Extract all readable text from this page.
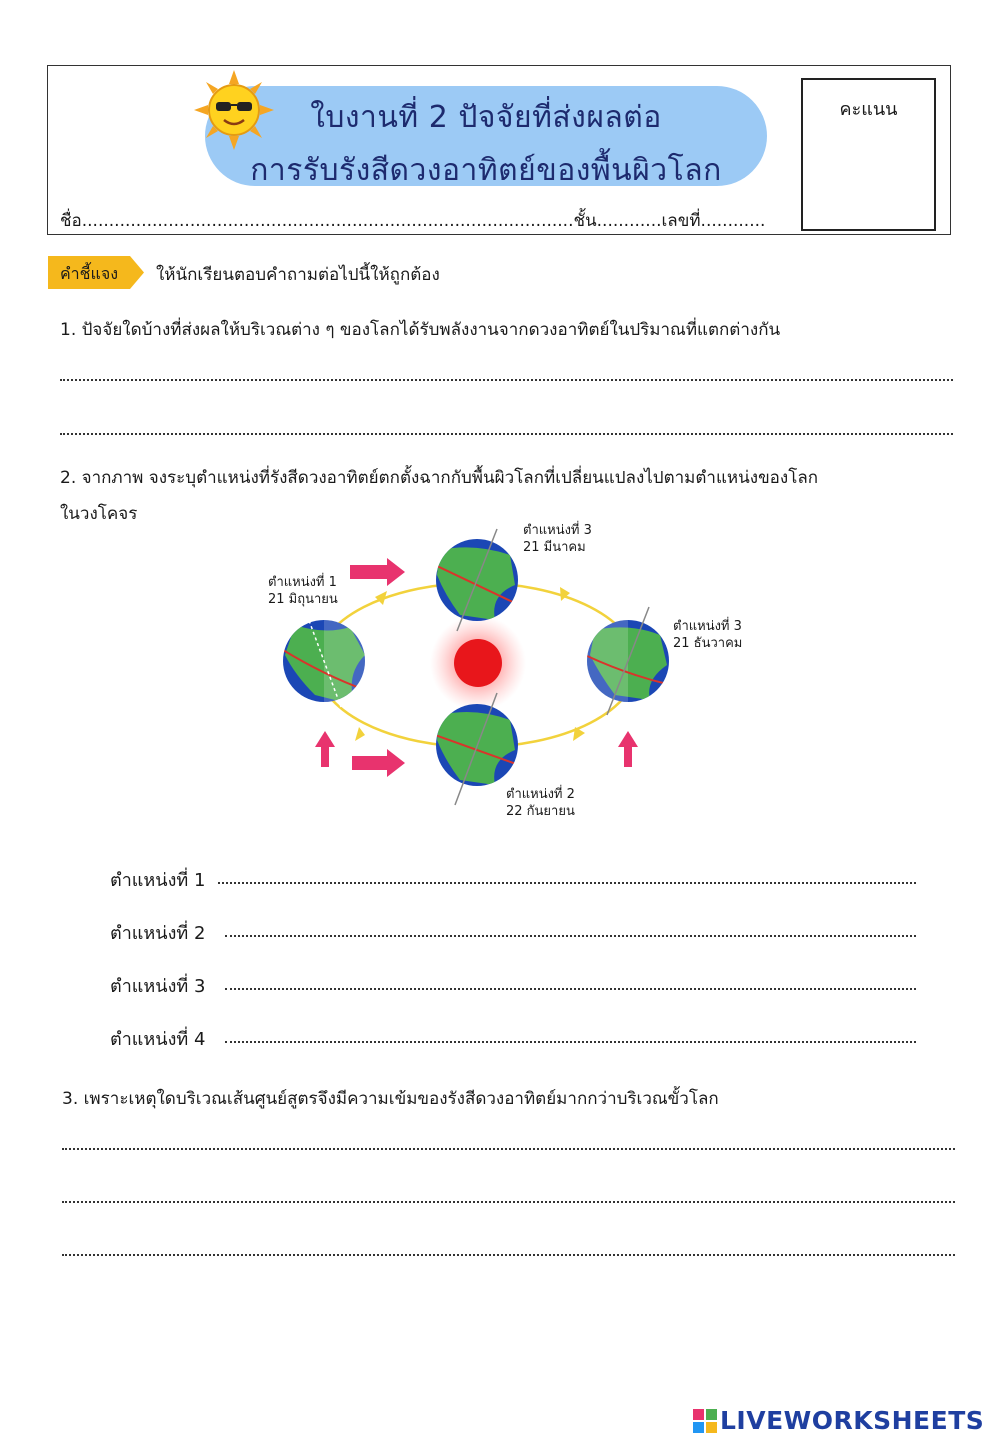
ใบงานที่ 2 ปัจจัยที่ส่งผลต่อ
การรับรังสีดวงอาทิตย์ของพื้นผิวโลก
คะแนน
ชื่อ...........................................................................................ชั้น............เลขที่............
คำชี้แจง	ให้นักเรียนตอบคำถามต่อไปนี้ให้ถูกต้อง
1. ปัจจัยใดบ้างที่ส่งผลให้บริเวณต่าง ๆ ของโลกได้รับพลังงานจากดวงอาทิตย์ในปริมาณที่แตกต่างกัน
2. จากภาพ จงระบุตำแหน่งที่รังสีดวงอาทิตย์ตกตั้งฉากกับพื้นผิวโลกที่เปลี่ยนแปลงไปตามตำแหน่งของโลก
ในวงโคจร
ตำแหน่งที่ 1
21 มิถุนายน
ตำแหน่งที่ 3
21 มีนาคม
ตำแหน่งที่ 3
21 ธันวาคม
ตำแหน่งที่ 2
22 กันยายน
ตำแหน่งที่ 1
ตำแหน่งที่ 2
ตำแหน่งที่ 3
ตำแหน่งที่ 4
3. เพราะเหตุใดบริเวณเส้นศูนย์สูตรจึงมีความเข้มของรังสีดวงอาทิตย์มากกว่าบริเวณขั้วโลก
LIVEWORKSHEETS
